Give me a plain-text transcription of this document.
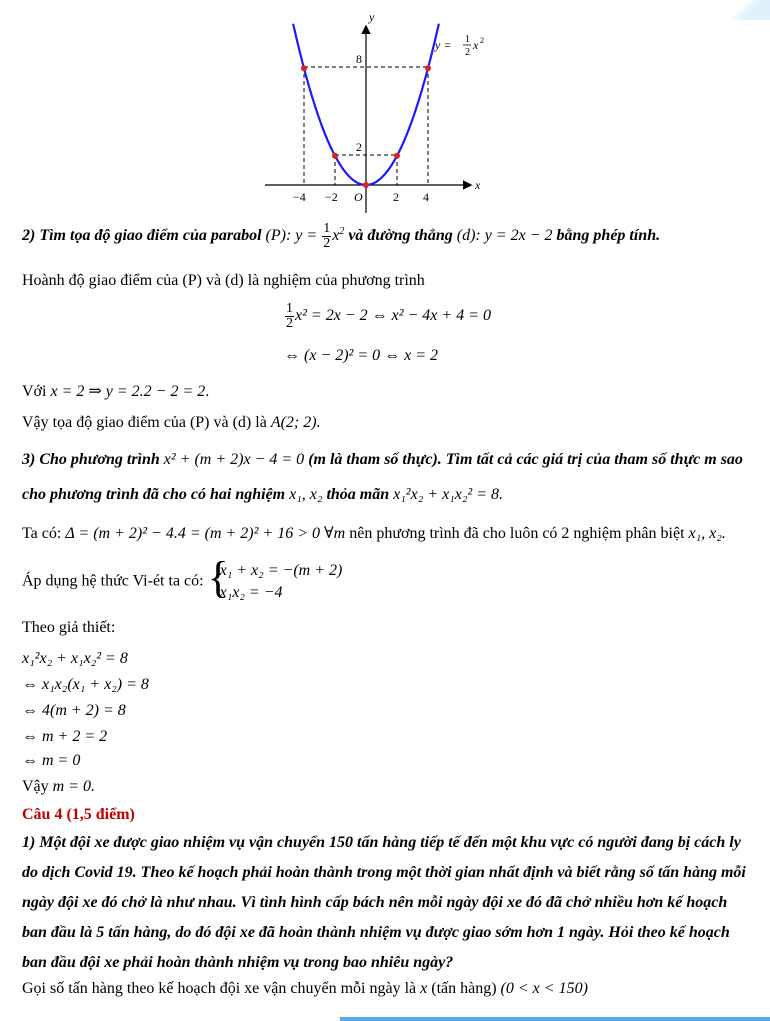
y
x
8
2
−4 −2 O	2 4
y = 1
2
x 2
2) Tìm tọa độ giao điểm của parabol (P): $y = \frac{1}{2} x^2$ và đường thẳng (d): y = 2x − 2 bằng phép tính.
Hoành độ giao điểm của (P) và (d) là nghiệm của phương trình
$\frac{1}{2} x^2 = 2x - 2$ ⇔ x² − 4x + 4 = 0
⇔ (x − 2)² = 0 ⇔ x = 2
Với x = 2 ⇒ y = 2.2 − 2 = 2.
Vậy tọa độ giao điểm của (P) và (d) là A(2; 2).
3) Cho phương trình x² + (m + 2)x − 4 = 0 (m là tham số thực). Tìm tất cả các giá trị của tham số thực m sao
cho phương trình đã cho có hai nghiệm x₁, x₂ thỏa mãn x₁²x₂ + x₁x₂² = 8.
Ta có: Δ = (m + 2)² − 4.4 = (m + 2)² + 16 > 0 ∀m nên phương trình đã cho luôn có 2 nghiệm phân biệt x₁, x₂.
Áp dụng hệ thức Vi-ét ta có: {
x₁ + x₂ = −(m + 2)
x₁x₂ = −4
Theo giả thiết:
x₁²x₂ + x₁x₂² = 8
⇔ x₁x₂(x₁ + x₂) = 8
⇔ 4(m + 2) = 8
⇔ m + 2 = 2
⇔ m = 0
Vậy m = 0.
Câu 4 (1,5 điểm)
1) Một đội xe được giao nhiệm vụ vận chuyển 150 tấn hàng tiếp tế đến một khu vực có người đang bị cách ly
do dịch Covid 19. Theo kế hoạch phải hoàn thành trong một thời gian nhất định và biết rằng số tấn hàng mỗi
ngày đội xe đó chở là như nhau. Vì tình hình cấp bách nên mỗi ngày đội xe đó đã chở nhiều hơn kế hoạch
ban đầu là 5 tấn hàng, do đó đội xe đã hoàn thành nhiệm vụ được giao sớm hơn 1 ngày. Hỏi theo kế hoạch
ban đầu đội xe phải hoàn thành nhiệm vụ trong bao nhiêu ngày?
Gọi số tấn hàng theo kế hoạch đội xe vận chuyển mỗi ngày là x (tấn hàng) (0 < x < 150)
